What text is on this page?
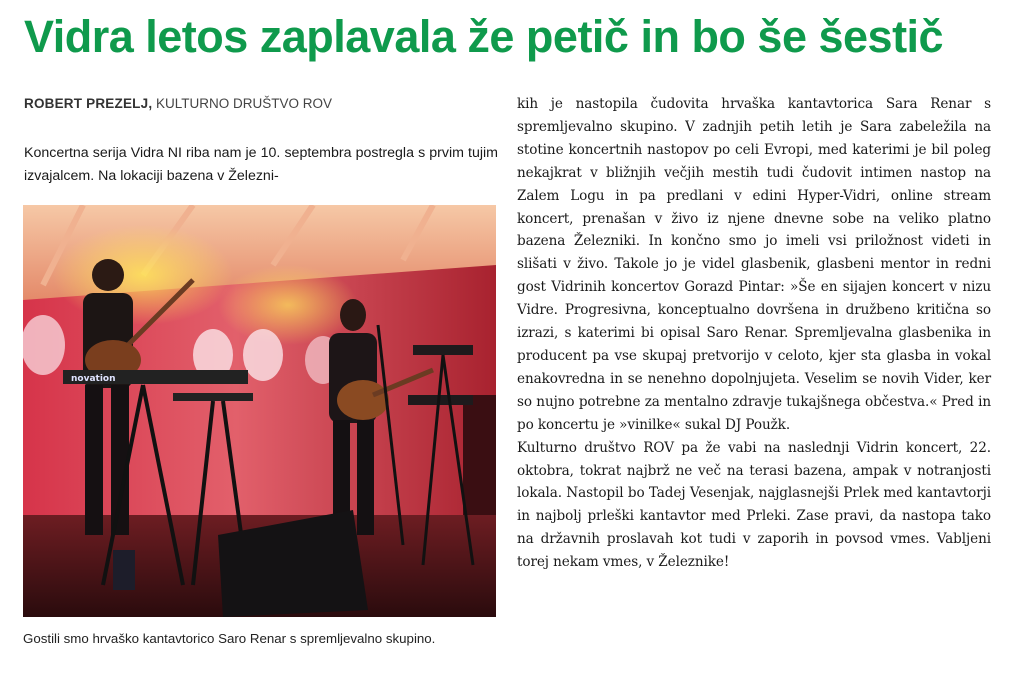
Vidra letos zaplavala že petič in bo še šestič
ROBERT PREZELJ, KULTURNO DRUŠTVO ROV

Koncertna serija Vidra NI riba nam je 10. septembra postregla s prvim tujim izvajalcem. Na lokaciji bazena v Železni-

novation
Gostili smo hrvaško kantavtorico Saro Renar s spremljevalno skupino.

kih je nastopila čudovita hrvaška kantavtorica Sara Renar s spremljevalno skupino. V zadnjih petih letih je Sara zabeležila na stotine koncertnih nastopov po celi Evropi, med katerimi je bil poleg nekajkrat v bližnjih večjih mestih tudi čudovit intimen nastop na Zalem Logu in pa predlani v edini Hyper-Vidri, online stream koncert, prenašan v živo iz njene dnevne sobe na veliko platno bazena Železniki. In končno smo jo imeli vsi priložnost videti in slišati v živo. Takole jo je videl glasbenik, glasbeni mentor in redni gost Vidrinih koncertov Gorazd Pintar: »Še en sijajen koncert v nizu Vidre. Progresivna, konceptualno dovršena in družbeno kritična so izrazi, s katerimi bi opisal Saro Renar. Spremljevalna glasbenika in producent pa vse skupaj pretvorijo v celoto, kjer sta glasba in vokal enakovredna in se nenehno dopolnjujeta. Veselim se novih Vider, ker so nujno potrebne za mentalno zdravje tukajšnega občestva.« Pred in po koncertu je »vinilke« sukal DJ Použk.

Kulturno društvo ROV pa že vabi na naslednji Vidrin koncert, 22. oktobra, tokrat najbrž ne več na terasi bazena, ampak v notranjosti lokala. Nastopil bo Tadej Vesenjak, najglasnejši Prlek med kantavtorji in najbolj prleški kantavtor med Prleki. Zase pravi, da nastopa tako na državnih proslavah kot tudi v zaporih in povsod vmes. Vabljeni torej nekam vmes, v Železnike!
